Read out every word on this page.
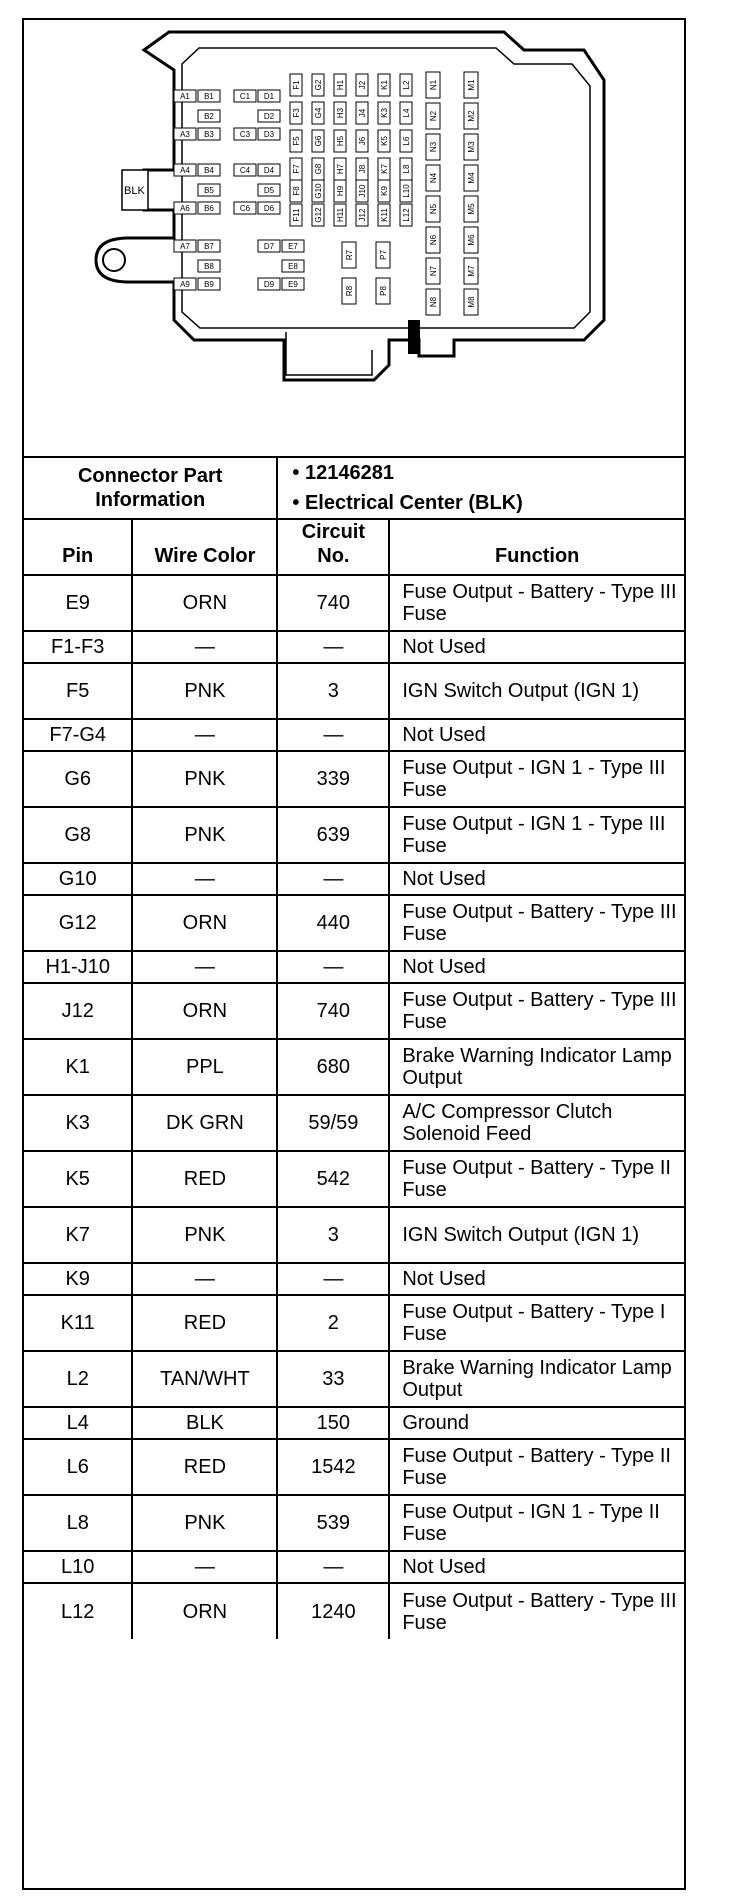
BLK
A1 B1	C1 D1
B2	D2
A3 B3	C3 D3
A4 B4	C4 D4
B5	D5
A6 B6	C6 D6
A7 B7	D7 E7
B8	E8
A9 B9	D9 E9
F1
F3
F5
F7
F8
F11
G2
G4
G6
G8
G10
G12
H1
H3
H5
H7
H9
H11
J2
J4
J6
J8
J10
J12
K1
K3
K5
K7
K9
K11
L2
L4
L6
L8
L10
L12
N1	M1
N2	M2
N3	M3
N4	M4
N5	M5
N6	M6
N7	M7
N8	M8
R7
R8
P7
P8
Connector Part Information		• 12146281
• Electrical Center (BLK)	

Pin	Wire Color	Circuit No.	Function
E9	ORN	740	Fuse Output - Battery - Type III Fuse
F1-F3	—	—	Not Used
F5	PNK	3	IGN Switch Output (IGN 1)
F7-G4	—	—	Not Used
G6	PNK	339	Fuse Output - IGN 1 - Type III Fuse
G8	PNK	639	Fuse Output - IGN 1 - Type III Fuse
G10	—	—	Not Used
G12	ORN	440	Fuse Output - Battery - Type III Fuse
H1-J10	—	—	Not Used
J12	ORN	740	Fuse Output - Battery - Type III Fuse
K1	PPL	680	Brake Warning Indicator Lamp Output
K3	DK GRN	59/59	A/C Compressor Clutch Solenoid Feed
K5	RED	542	Fuse Output - Battery - Type II Fuse
K7	PNK	3	IGN Switch Output (IGN 1)
K9	—	—	Not Used
K11	RED	2	Fuse Output - Battery - Type I Fuse
L2	TAN/WHT	33	Brake Warning Indicator Lamp Output
L4	BLK	150	Ground
L6	RED	1542	Fuse Output - Battery - Type II Fuse
L8	PNK	539	Fuse Output - IGN 1 - Type II Fuse
L10	—	—	Not Used
L12	ORN	1240	Fuse Output - Battery - Type III Fuse
